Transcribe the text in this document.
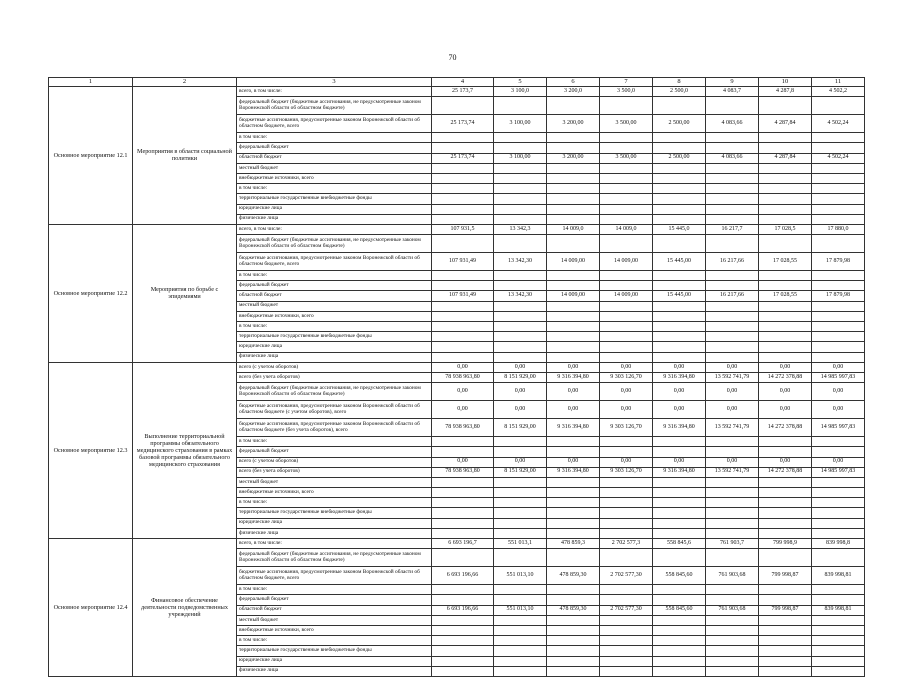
70
1	2	3	4	5	6	7	8	9	10	11
Основное мероприятие 12.1	Мероприятия в области социальной политики	всего, в том числе:	25 173,7	3 100,0	3 200,0	3 500,0	2 500,0	4 083,7	4 287,8	4 502,2
		федеральный бюджет (бюджетные ассигнования, не предусмотренные законом Воронежской области об областном бюджете)								
		бюджетные ассигнования, предусмотренные законом Воронежской области об областном бюджете, всего	25 173,74	3 100,00	3 200,00	3 500,00	2 500,00	4 083,66	4 287,84	4 502,24
		в том числе:								
		федеральный бюджет								
		областной бюджет	25 173,74	3 100,00	3 200,00	3 500,00	2 500,00	4 083,66	4 287,84	4 502,24
		местный бюджет								
		внебюджетные источники, всего								
		в том числе:								
		территориальные государственные внебюджетные фонды								
		юридические лица								
		физические лица								
Основное мероприятие 12.2	Мероприятия по борьбе с эпидемиями	всего, в том числе:	107 931,5	13 342,3	14 009,0	14 009,0	15 445,0	16 217,7	17 028,5	17 880,0
		федеральный бюджет (бюджетные ассигнования, не предусмотренные законом Воронежской области об областном бюджете)								
		бюджетные ассигнования, предусмотренные законом Воронежской области об областном бюджете, всего	107 931,49	13 342,30	14 009,00	14 009,00	15 445,00	16 217,66	17 028,55	17 879,98
		в том числе:								
		федеральный бюджет								
		областной бюджет	107 931,49	13 342,30	14 009,00	14 009,00	15 445,00	16 217,66	17 028,55	17 879,98
		местный бюджет								
		внебюджетные источники, всего								
		в том числе:								
		территориальные государственные внебюджетные фонды								
		юридические лица								
		физические лица								
Основное мероприятие 12.3	Выполнение территориальной программы обязательного медицинского страхования в рамках базовой программы обязательного медицинского страхования	всего (с учетом оборотов)	0,00	0,00	0,00	0,00	0,00	0,00	0,00	0,00
		всего (без учета оборотов)	78 938 963,80	8 151 929,00	9 316 394,80	9 303 126,70	9 316 394,80	13 592 741,79	14 272 378,88	14 985 997,83
		федеральный бюджет (бюджетные ассигнования, не предусмотренные законом Воронежской области об областном бюджете)	0,00	0,00	0,00	0,00	0,00	0,00	0,00	0,00
		бюджетные ассигнования, предусмотренные законом Воронежской области об областном бюджете (с учетом оборотов), всего	0,00	0,00	0,00	0,00	0,00	0,00	0,00	0,00
		бюджетные ассигнования, предусмотренные законом Воронежской области об областном бюджете (без учета оборотов), всего	78 938 963,80	8 151 929,00	9 316 394,80	9 303 126,70	9 316 394,80	13 592 741,79	14 272 378,88	14 985 997,83
		в том числе:								
		федеральный бюджет								
		всего (с учетом оборотов)	0,00	0,00	0,00	0,00	0,00	0,00	0,00	0,00
		всего (без учета оборотов)	78 938 963,80	8 151 929,00	9 316 394,80	9 303 126,70	9 316 394,80	13 592 741,79	14 272 378,88	14 985 997,83
		местный бюджет								
		внебюджетные источники, всего								
		в том числе:								
		территориальные государственные внебюджетные фонды								
		юридические лица								
		физические лица								
Основное мероприятие 12.4	Финансовое обеспечение деятельности подведомственных учреждений	всего, в том числе:	6 693 196,7	551 013,1	478 859,3	2 702 577,3	558 845,6	761 903,7	799 998,9	839 998,8
		федеральный бюджет (бюджетные ассигнования, не предусмотренные законом Воронежской области об областном бюджете)								
		бюджетные ассигнования, предусмотренные законом Воронежской области об областном бюджете, всего	6 693 196,66	551 013,10	478 859,30	2 702 577,30	558 845,60	761 903,68	799 998,87	839 998,81
		в том числе:								
		федеральный бюджет								
		областной бюджет	6 693 196,66	551 013,10	478 859,30	2 702 577,30	558 845,60	761 903,68	799 998,87	839 998,81
		местный бюджет								
		внебюджетные источники, всего								
		в том числе:								
		территориальные государственные внебюджетные фонды								
		юридические лица								
		физические лица								
